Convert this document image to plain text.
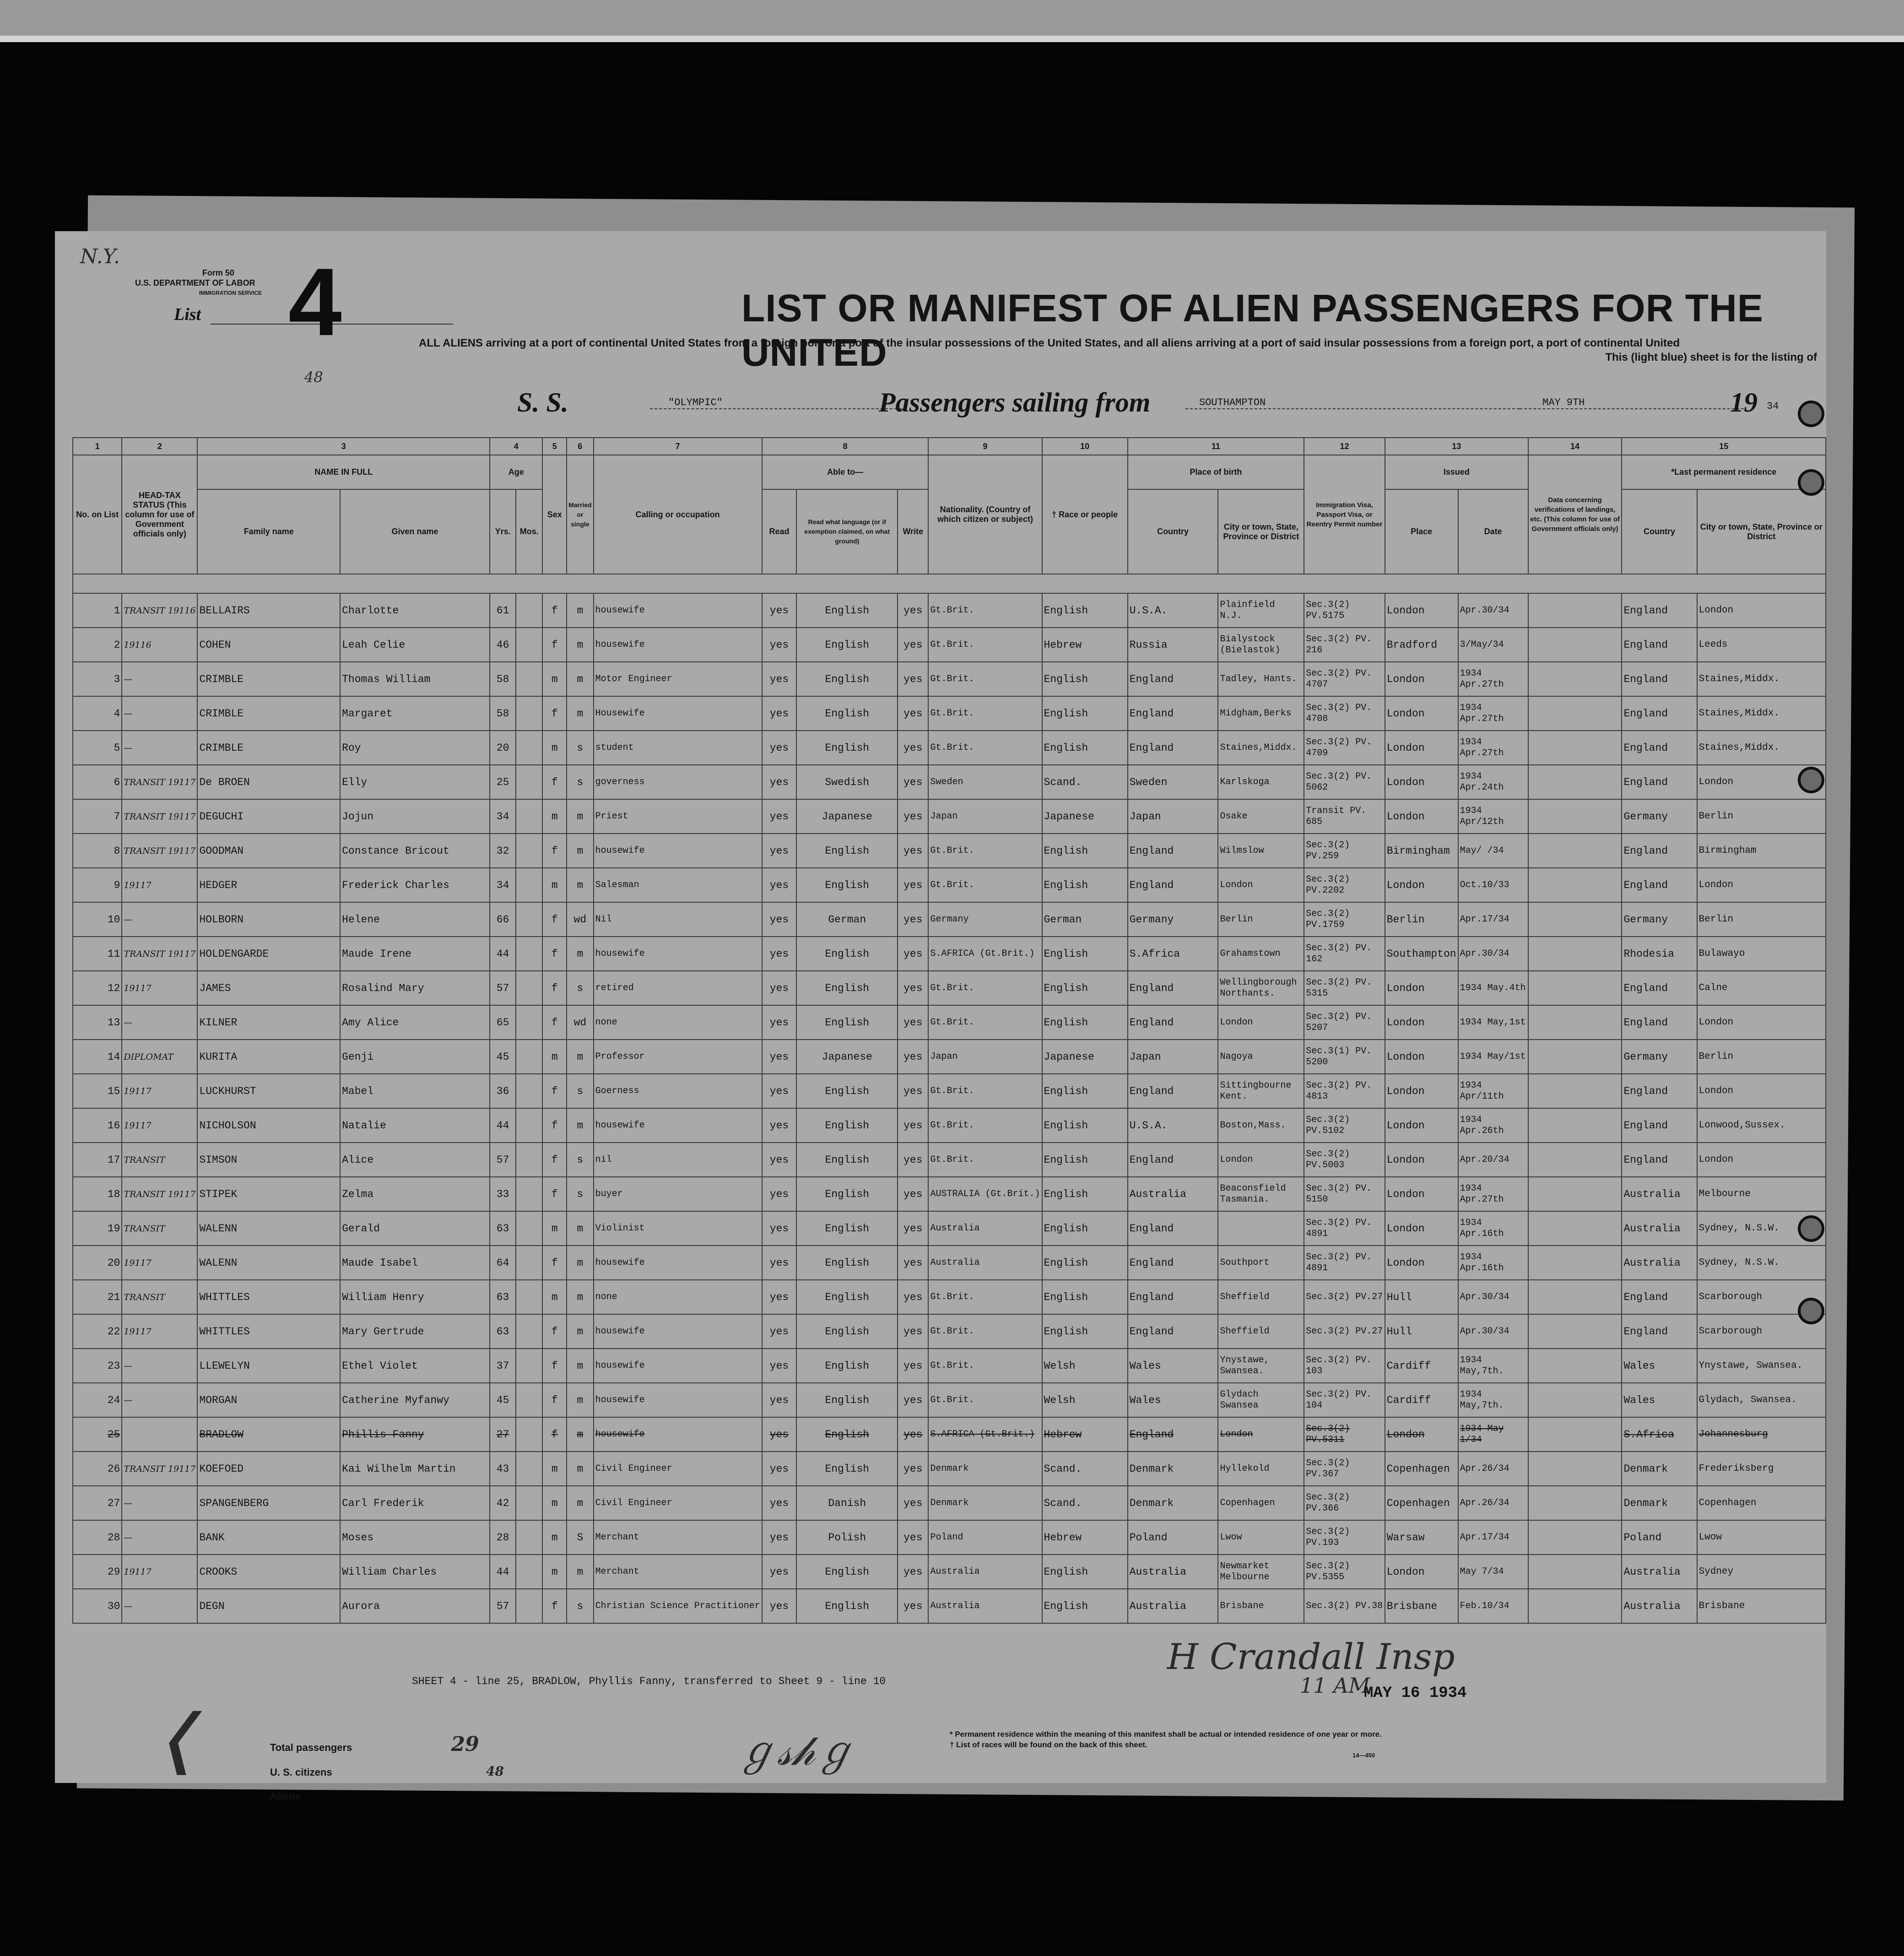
N.Y.
Form 50
U.S. DEPARTMENT OF LABOR
IMMIGRATION SERVICE
List 4
48
LIST OR MANIFEST OF ALIEN PASSENGERS FOR THE UNITED
ALL ALIENS arriving at a port of continental United States from a foreign port or a port of the insular possessions of the United States, and all aliens arriving at a port of said insular possessions from a foreign port, a port of continental United
This (light blue) sheet is for the listing of
S. S.	"OLYMPIC"	Passengers sailing from	SOUTHAMPTON	MAY 9TH	19 34
1	2	3		4		5	6	7	8			9	10	11		12	13		14	15	
No. on List	HEAD-TAX STATUS (This column for use of Government officials only)	NAME IN FULL		Age		Sex	Married or single	Calling or occupation	Able to—			Nationality. (Country of which citizen or subject)	† Race or people	Place of birth		Immigration Visa, Passport Visa, or Reentry Permit number	Issued		Data concerning verifications of landings, etc. (This column for use of Government officials only)	*Last permanent residence	
		Family name	Given name	Yrs.	Mos.				Read	Read what language (or if exemption claimed, on what ground)	Write			Country	City or town, State, Province or District		Place	Date		Country	City or town, State, Province or District

1	TRANSIT 19116	BELLAIRS	Charlotte	61		f	m	housewife	yes	English	yes	Gt.Brit.	English	U.S.A.	Plainfield N.J.	Sec.3(2) PV.5175	London	Apr.30/34		England	London
2	19116	COHEN	Leah Celie	46		f	m	housewife	yes	English	yes	Gt.Brit.	Hebrew	Russia	Bialystock (Bielastok)	Sec.3(2) PV. 216	Bradford	3/May/34		England	Leeds
3	—	CRIMBLE	Thomas William	58		m	m	Motor Engineer	yes	English	yes	Gt.Brit.	English	England	Tadley, Hants.	Sec.3(2) PV. 4707	London	1934 Apr.27th		England	Staines,Middx.
4	—	CRIMBLE	Margaret	58		f	m	Housewife	yes	English	yes	Gt.Brit.	English	England	Midgham,Berks	Sec.3(2) PV. 4708	London	1934 Apr.27th		England	Staines,Middx.
5	—	CRIMBLE	Roy	20		m	s	student	yes	English	yes	Gt.Brit.	English	England	Staines,Middx.	Sec.3(2) PV. 4709	London	1934 Apr.27th		England	Staines,Middx.
6	TRANSIT 19117	De BROEN	Elly	25		f	s	governess	yes	Swedish	yes	Sweden	Scand.	Sweden	Karlskoga	Sec.3(2) PV. 5062	London	1934 Apr.24th		England	London
7	TRANSIT 19117	DEGUCHI	Jojun	34		m	m	Priest	yes	Japanese	yes	Japan	Japanese	Japan	Osake	Transit PV. 685	London	1934 Apr/12th		Germany	Berlin
8	TRANSIT 19117	GOODMAN	Constance Bricout	32		f	m	housewife	yes	English	yes	Gt.Brit.	English	England	Wilmslow	Sec.3(2) PV.259	Birmingham	May/ /34		England	Birmingham
9	19117	HEDGER	Frederick Charles	34		m	m	Salesman	yes	English	yes	Gt.Brit.	English	England	London	Sec.3(2) PV.2202	London	Oct.10/33		England	London
10	—	HOLBORN	Helene	66		f	wd	Nil	yes	German	yes	Germany	German	Germany	Berlin	Sec.3(2) PV.1759	Berlin	Apr.17/34		Germany	Berlin
11	TRANSIT 19117	HOLDENGARDE	Maude Irene	44		f	m	housewife	yes	English	yes	S.AFRICA (Gt.Brit.)	English	S.Africa	Grahamstown	Sec.3(2) PV. 162	Southampton	Apr.30/34		Rhodesia	Bulawayo
12	19117	JAMES	Rosalind Mary	57		f	s	retired	yes	English	yes	Gt.Brit.	English	England	Wellingborough Northants.	Sec.3(2) PV. 5315	London	1934 May.4th		England	Calne
13	—	KILNER	Amy Alice	65		f	wd	none	yes	English	yes	Gt.Brit.	English	England	London	Sec.3(2) PV. 5207	London	1934 May,1st		England	London
14	DIPLOMAT	KURITA	Genji	45		m	m	Professor	yes	Japanese	yes	Japan	Japanese	Japan	Nagoya	Sec.3(1) PV. 5200	London	1934 May/1st		Germany	Berlin
15	19117	LUCKHURST	Mabel	36		f	s	Goerness	yes	English	yes	Gt.Brit.	English	England	Sittingbourne Kent.	Sec.3(2) PV. 4813	London	1934 Apr/11th		England	London
16	19117	NICHOLSON	Natalie	44		f	m	housewife	yes	English	yes	Gt.Brit.	English	U.S.A.	Boston,Mass.	Sec.3(2) PV.5102	London	1934 Apr.26th		England	Lonwood,Sussex.
17	TRANSIT	SIMSON	Alice	57		f	s	nil	yes	English	yes	Gt.Brit.	English	England	London	Sec.3(2) PV.5003	London	Apr.20/34		England	London
18	TRANSIT 19117	STIPEK	Zelma	33		f	s	buyer	yes	English	yes	AUSTRALIA (Gt.Brit.)	English	Australia	Beaconsfield Tasmania.	Sec.3(2) PV. 5150	London	1934 Apr.27th		Australia	Melbourne
19	TRANSIT	WALENN	Gerald	63		m	m	Violinist	yes	English	yes	Australia	English	England		Sec.3(2) PV. 4891	London	1934 Apr.16th		Australia	Sydney, N.S.W.
20	19117	WALENN	Maude Isabel	64		f	m	housewife	yes	English	yes	Australia	English	England	Southport	Sec.3(2) PV. 4891	London	1934 Apr.16th		Australia	Sydney, N.S.W.
21	TRANSIT	WHITTLES	William Henry	63		m	m	none	yes	English	yes	Gt.Brit.	English	England	Sheffield	Sec.3(2) PV.27	Hull	Apr.30/34		England	Scarborough
22	19117	WHITTLES	Mary Gertrude	63		f	m	housewife	yes	English	yes	Gt.Brit.	English	England	Sheffield	Sec.3(2) PV.27	Hull	Apr.30/34		England	Scarborough
23	—	LLEWELYN	Ethel Violet	37		f	m	housewife	yes	English	yes	Gt.Brit.	Welsh	Wales	Ynystawe, Swansea.	Sec.3(2) PV. 103	Cardiff	1934 May,7th.		Wales	Ynystawe, Swansea.
24	—	MORGAN	Catherine Myfanwy	45		f	m	housewife	yes	English	yes	Gt.Brit.	Welsh	Wales	Glydach Swansea	Sec.3(2) PV. 104	Cardiff	1934 May,7th.		Wales	Glydach, Swansea.
25		BRADLOW	Phillis Fanny	27		f	m	housewife	yes	English	yes	S.AFRICA (Gt.Brit.)	Hebrew	England	London	Sec.3(2) PV.5311	London	1934 May 1/34		S.Africa	Johannesburg
26	TRANSIT 19117	KOEFOED	Kai Wilhelm Martin	43		m	m	Civil Engineer	yes	English	yes	Denmark	Scand.	Denmark	Hyllekold	Sec.3(2) PV.367	Copenhagen	Apr.26/34		Denmark	Frederiksberg
27	—	SPANGENBERG	Carl Frederik	42		m	m	Civil Engineer	yes	Danish	yes	Denmark	Scand.	Denmark	Copenhagen	Sec.3(2) PV.366	Copenhagen	Apr.26/34		Denmark	Copenhagen
28	—	BANK	Moses	28		m	S	Merchant	yes	Polish	yes	Poland	Hebrew	Poland	Lwow	Sec.3(2) PV.193	Warsaw	Apr.17/34		Poland	Lwow
29	19117	CROOKS	William Charles	44		m	m	Merchant	yes	English	yes	Australia	English	Australia	Newmarket Melbourne	Sec.3(2) PV.5355	London	May 7/34		Australia	Sydney
30	—	DEGN	Aurora	57		f	s	Christian Science Practitioner	yes	English	yes	Australia	English	Australia	Brisbane	Sec.3(2) PV.38	Brisbane	Feb.10/34		Australia	Brisbane
SHEET 4 - line 25, BRADLOW, Phyllis Fanny, transferred to Sheet 9 - line 10
H Crandall Insp
11 AM
MAY 16 1934
❬	Total passengers	29
U. S. citizens	48
Aliens
ℊ𝓈𝒽ℊ	* Permanent residence within the meaning of this manifest shall be actual or intended residence of one year or more.
† List of races will be found on the back of this sheet.
14—450
